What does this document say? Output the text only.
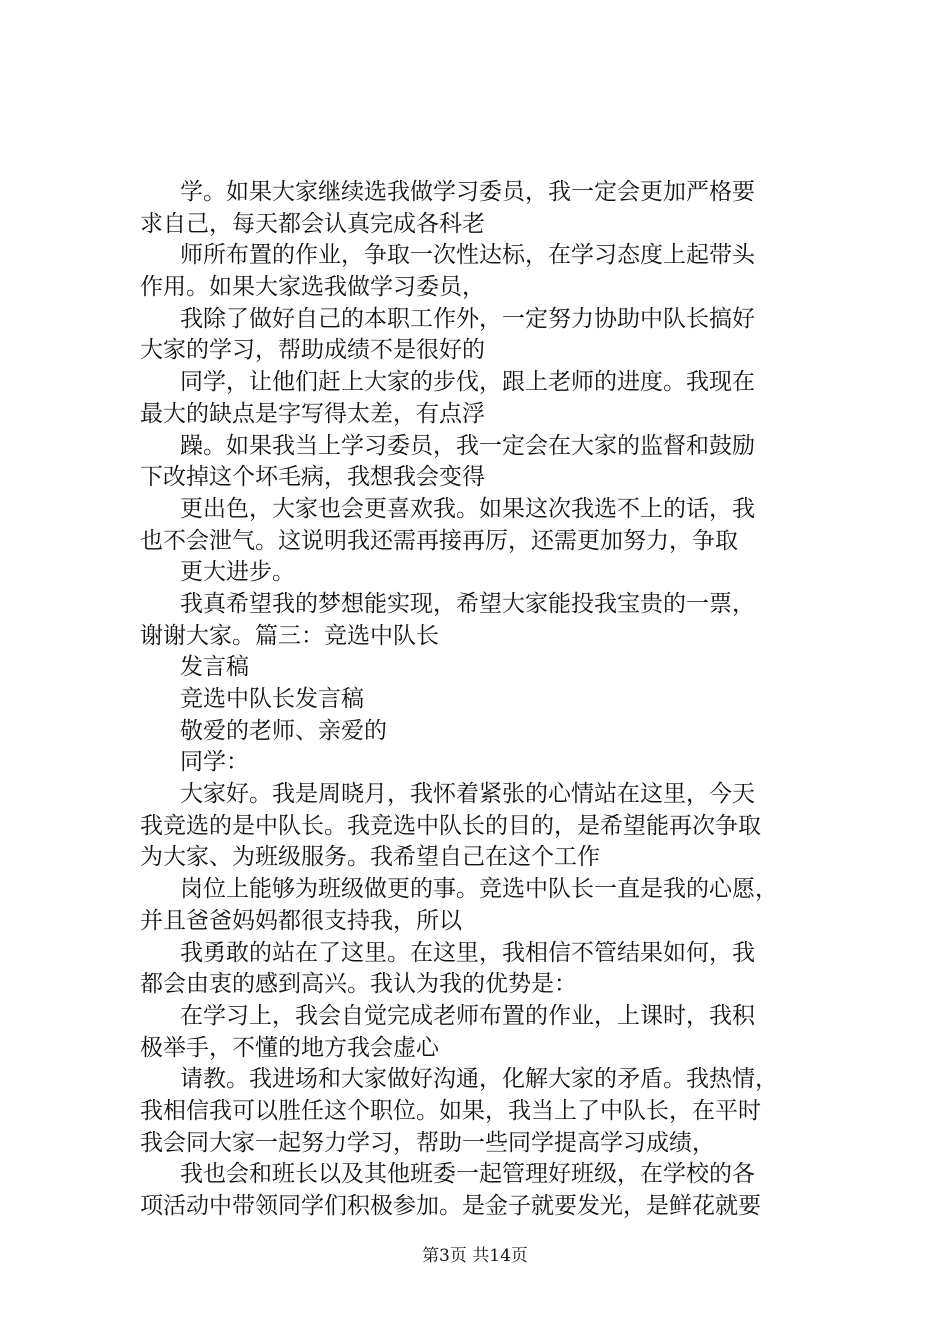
学。如果大家继续选我做学习委员，我一定会更加严格要
求自己，每天都会认真完成各科老
师所布置的作业，争取一次性达标，在学习态度上起带头
作用。如果大家选我做学习委员，
我除了做好自己的本职工作外，一定努力协助中队长搞好
大家的学习，帮助成绩不是很好的
同学，让他们赶上大家的步伐，跟上老师的进度。我现在
最大的缺点是字写得太差，有点浮
躁。如果我当上学习委员，我一定会在大家的监督和鼓励
下改掉这个坏毛病，我想我会变得
更出色，大家也会更喜欢我。如果这次我选不上的话，我
也不会泄气。这说明我还需再接再厉，还需更加努力，争取
更大进步。
我真希望我的梦想能实现，希望大家能投我宝贵的一票，
谢谢大家。篇三：竞选中队长
发言稿
竞选中队长发言稿
敬爱的老师、亲爱的
同学：
大家好。我是周晓月，我怀着紧张的心情站在这里，今天
我竞选的是中队长。我竞选中队长的目的，是希望能再次争取
为大家、为班级服务。我希望自己在这个工作
岗位上能够为班级做更的事。竞选中队长一直是我的心愿，
并且爸爸妈妈都很支持我，所以
我勇敢的站在了这里。在这里，我相信不管结果如何，我
都会由衷的感到高兴。我认为我的优势是：
在学习上，我会自觉完成老师布置的作业，上课时，我积
极举手，不懂的地方我会虚心
请教。我进场和大家做好沟通，化解大家的矛盾。我热情，
我相信我可以胜任这个职位。如果，我当上了中队长，在平时
我会同大家一起努力学习，帮助一些同学提高学习成绩，
我也会和班长以及其他班委一起管理好班级，在学校的各
项活动中带领同学们积极参加。是金子就要发光，是鲜花就要
第3页 共14页
